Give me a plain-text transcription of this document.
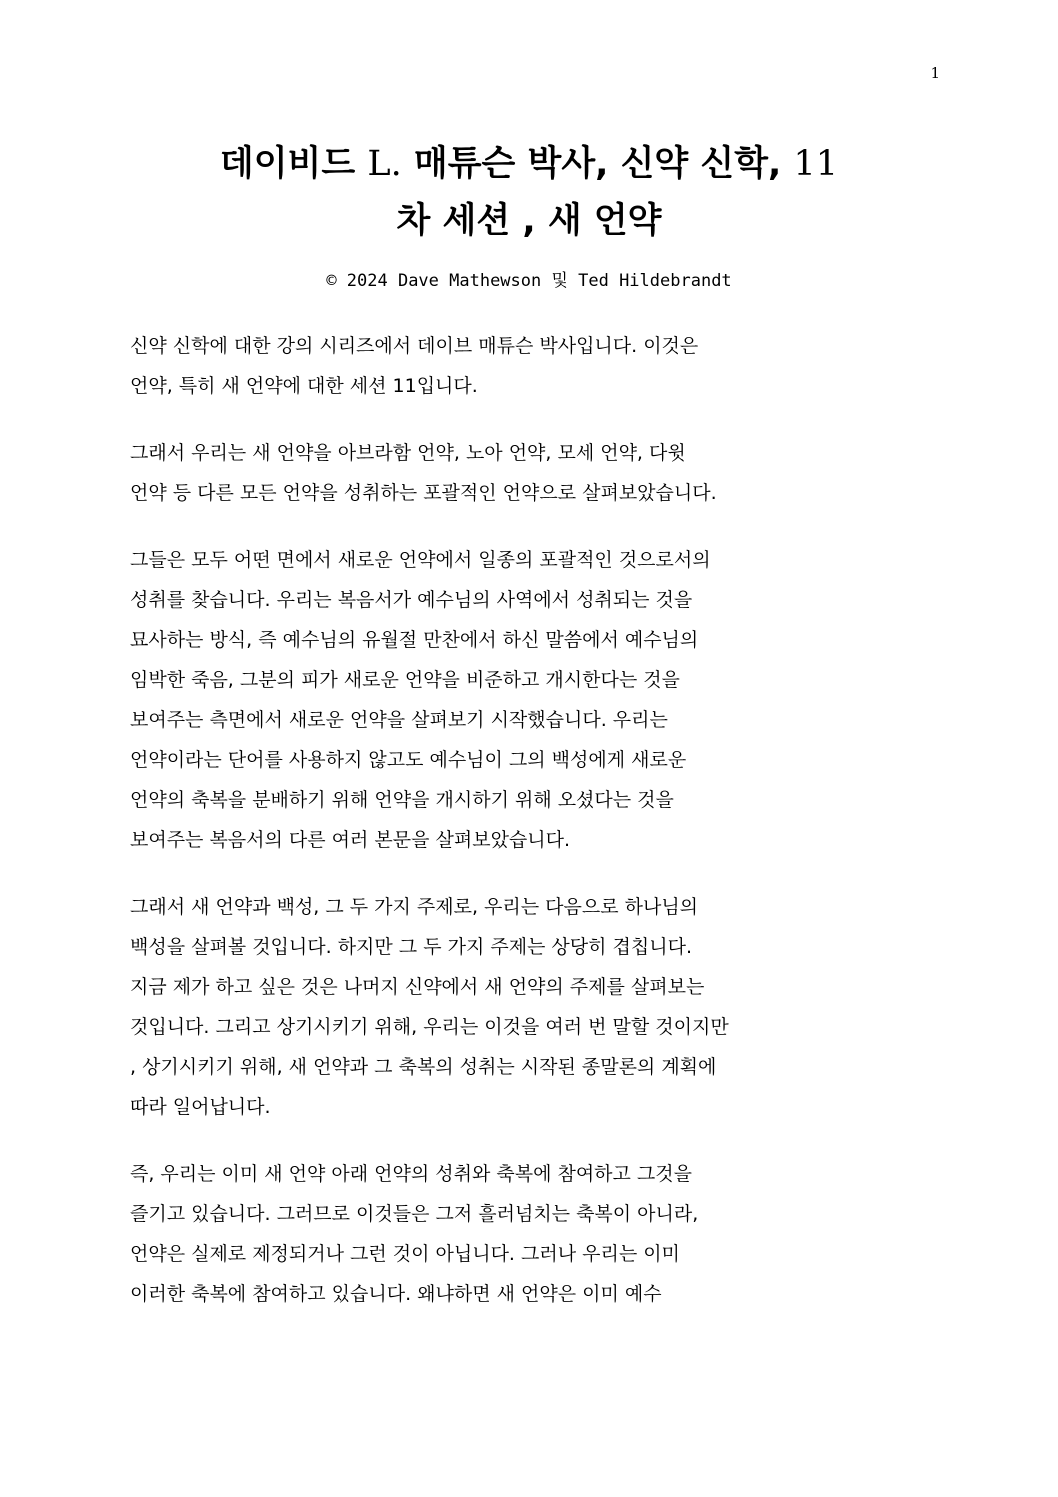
1
데이비드 L. 매튜슨 박사, 신약 신학, 11
차 세션 , 새 언약
© 2024 Dave Mathewson 및 Ted Hildebrandt

신약 신학에 대한 강의 시리즈에서 데이브 매튜슨 박사입니다. 이것은
언약, 특히 새 언약에 대한 세션 11입니다.

그래서 우리는 새 언약을 아브라함 언약, 노아 언약, 모세 언약, 다윗
언약 등 다른 모든 언약을 성취하는 포괄적인 언약으로 살펴보았습니다.

그들은 모두 어떤 면에서 새로운 언약에서 일종의 포괄적인 것으로서의
성취를 찾습니다. 우리는 복음서가 예수님의 사역에서 성취되는 것을
묘사하는 방식, 즉 예수님의 유월절 만찬에서 하신 말씀에서 예수님의
임박한 죽음, 그분의 피가 새로운 언약을 비준하고 개시한다는 것을
보여주는 측면에서 새로운 언약을 살펴보기 시작했습니다. 우리는
언약이라는 단어를 사용하지 않고도 예수님이 그의 백성에게 새로운
언약의 축복을 분배하기 위해 언약을 개시하기 위해 오셨다는 것을
보여주는 복음서의 다른 여러 본문을 살펴보았습니다.

그래서 새 언약과 백성, 그 두 가지 주제로, 우리는 다음으로 하나님의
백성을 살펴볼 것입니다. 하지만 그 두 가지 주제는 상당히 겹칩니다.
지금 제가 하고 싶은 것은 나머지 신약에서 새 언약의 주제를 살펴보는
것입니다. 그리고 상기시키기 위해, 우리는 이것을 여러 번 말할 것이지만
, 상기시키기 위해, 새 언약과 그 축복의 성취는 시작된 종말론의 계획에
따라 일어납니다.

즉, 우리는 이미 새 언약 아래 언약의 성취와 축복에 참여하고 그것을
즐기고 있습니다. 그러므로 이것들은 그저 흘러넘치는 축복이 아니라,
언약은 실제로 제정되거나 그런 것이 아닙니다. 그러나 우리는 이미
이러한 축복에 참여하고 있습니다. 왜냐하면 새 언약은 이미 예수
